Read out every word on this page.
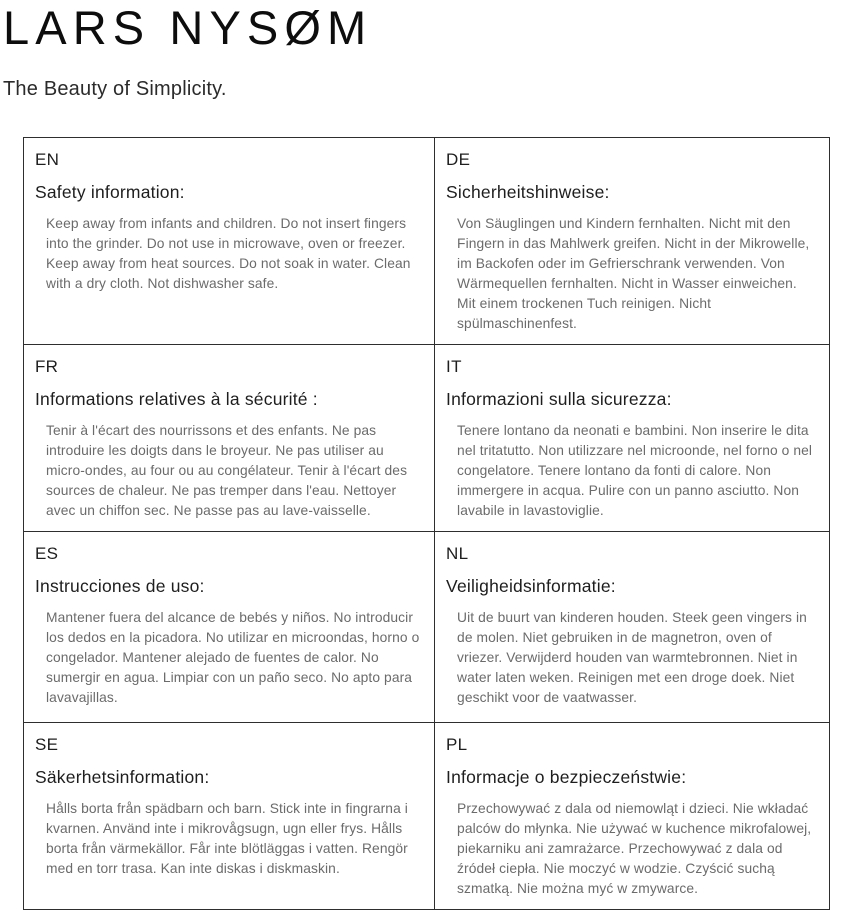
LARS NYSØM
The Beauty of Simplicity.
EN
Safety information:

Keep away from infants and children. Do not insert fingers into the grinder. Do not use in microwave, oven or freezer. Keep away from heat sources. Do not soak in water. Clean with a dry cloth. Not dishwasher safe.

DE
Sicherheitshinweise:

Von Säuglingen und Kindern fernhalten. Nicht mit den Fingern in das Mahlwerk greifen. Nicht in der Mikrowelle, im Backofen oder im Gefrierschrank verwenden. Von Wärmequellen fernhalten. Nicht in Wasser einweichen. Mit einem trockenen Tuch reinigen. Nicht spülmaschinenfest.

FR
Informations relatives à la sécurité :

Tenir à l'écart des nourrissons et des enfants. Ne pas introduire les doigts dans le broyeur. Ne pas utiliser au micro-ondes, au four ou au congélateur. Tenir à l'écart des sources de chaleur. Ne pas tremper dans l'eau. Nettoyer avec un chiffon sec. Ne passe pas au lave-vaisselle.

IT
Informazioni sulla sicurezza:

Tenere lontano da neonati e bambini. Non inserire le dita nel tritatutto. Non utilizzare nel microonde, nel forno o nel congelatore. Tenere lontano da fonti di calore. Non immergere in acqua. Pulire con un panno asciutto. Non lavabile in lavastoviglie.

ES
Instrucciones de uso:

Mantener fuera del alcance de bebés y niños. No introducir los dedos en la picadora. No utilizar en microondas, horno o congelador. Mantener alejado de fuentes de calor. No sumergir en agua. Limpiar con un paño seco. No apto para lavavajillas.

NL
Veiligheidsinformatie:

Uit de buurt van kinderen houden. Steek geen vingers in de molen. Niet gebruiken in de magnetron, oven of vriezer. Verwijderd houden van warmtebronnen. Niet in water laten weken. Reinigen met een droge doek. Niet geschikt voor de vaatwasser.

SE
Säkerhetsinformation:

Hålls borta från spädbarn och barn. Stick inte in fingrarna i kvarnen. Använd inte i mikrovågsugn, ugn eller frys. Hålls borta från värmekällor. Får inte blötläggas i vatten. Rengör med en torr trasa. Kan inte diskas i diskmaskin.

PL
Informacje o bezpieczeństwie:

Przechowywać z dala od niemowląt i dzieci. Nie wkładać palców do młynka. Nie używać w kuchence mikrofalowej, piekarniku ani zamrażarce. Przechowywać z dala od źródeł ciepła. Nie moczyć w wodzie. Czyścić suchą szmatką. Nie można myć w zmywarce.
